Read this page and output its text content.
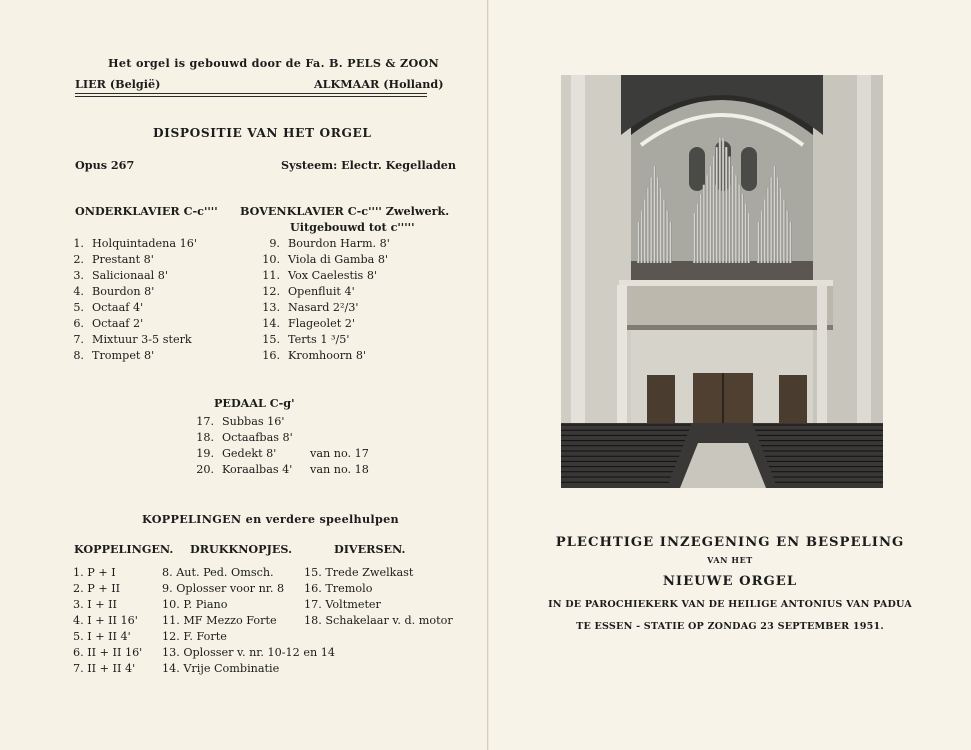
Het orgel is gebouwd door de Fa. B. PELS & ZOON
LIER (België)	ALKMAAR (Holland)
DISPOSITIE VAN HET ORGEL
Opus 267	Systeem: Electr. Kegelladen
ONDERKLAVIER C-c'''' BOVENKLAVIER C-c'''' Zwelwerk.
Uitgebouwd tot c'''''
1. Holquintadena 16'
2. Prestant 8'
3. Salicionaal 8'
4. Bourdon 8'
5. Octaaf 4'
6. Octaaf 2'
7. Mixtuur 3-5 sterk
8. Trompet 8'
9. Bourdon Harm. 8'
10. Viola di Gamba 8'
11. Vox Caelestis 8'
12. Openfluit 4'
13. Nasard 2²/3'
14. Flageolet 2'
15. Terts 1 ³/5'
16. Kromhoorn 8'
PEDAAL C-g'
17. Subbas 16'
18. Octaafbas 8'
19. Gedekt 8'	van no. 17
20. Koraalbas 4' van no. 18
KOPPELINGEN en verdere speelhulpen
KOPPELINGEN. DRUKKNOPJES.	DIVERSEN.
1. P + I
2. P + II
3. I + II
4. I + II 16'
5. I + II 4'
6. II + II 16'
7. II + II 4'
8. Aut. Ped. Omsch.
9. Oplosser voor nr. 8
10. P. Piano
11. MF Mezzo Forte
12. F. Forte
13. Oplosser v. nr. 10-12 en 14
14. Vrije Combinatie
15. Trede Zwelkast
16. Tremolo
17. Voltmeter
18. Schakelaar v. d. motor
PLECHTIGE INZEGENING EN BESPELING
VAN HET
NIEUWE ORGEL
IN DE PAROCHIEKERK VAN DE HEILIGE ANTONIUS VAN PADUA
TE ESSEN - STATIE OP ZONDAG 23 SEPTEMBER 1951.
